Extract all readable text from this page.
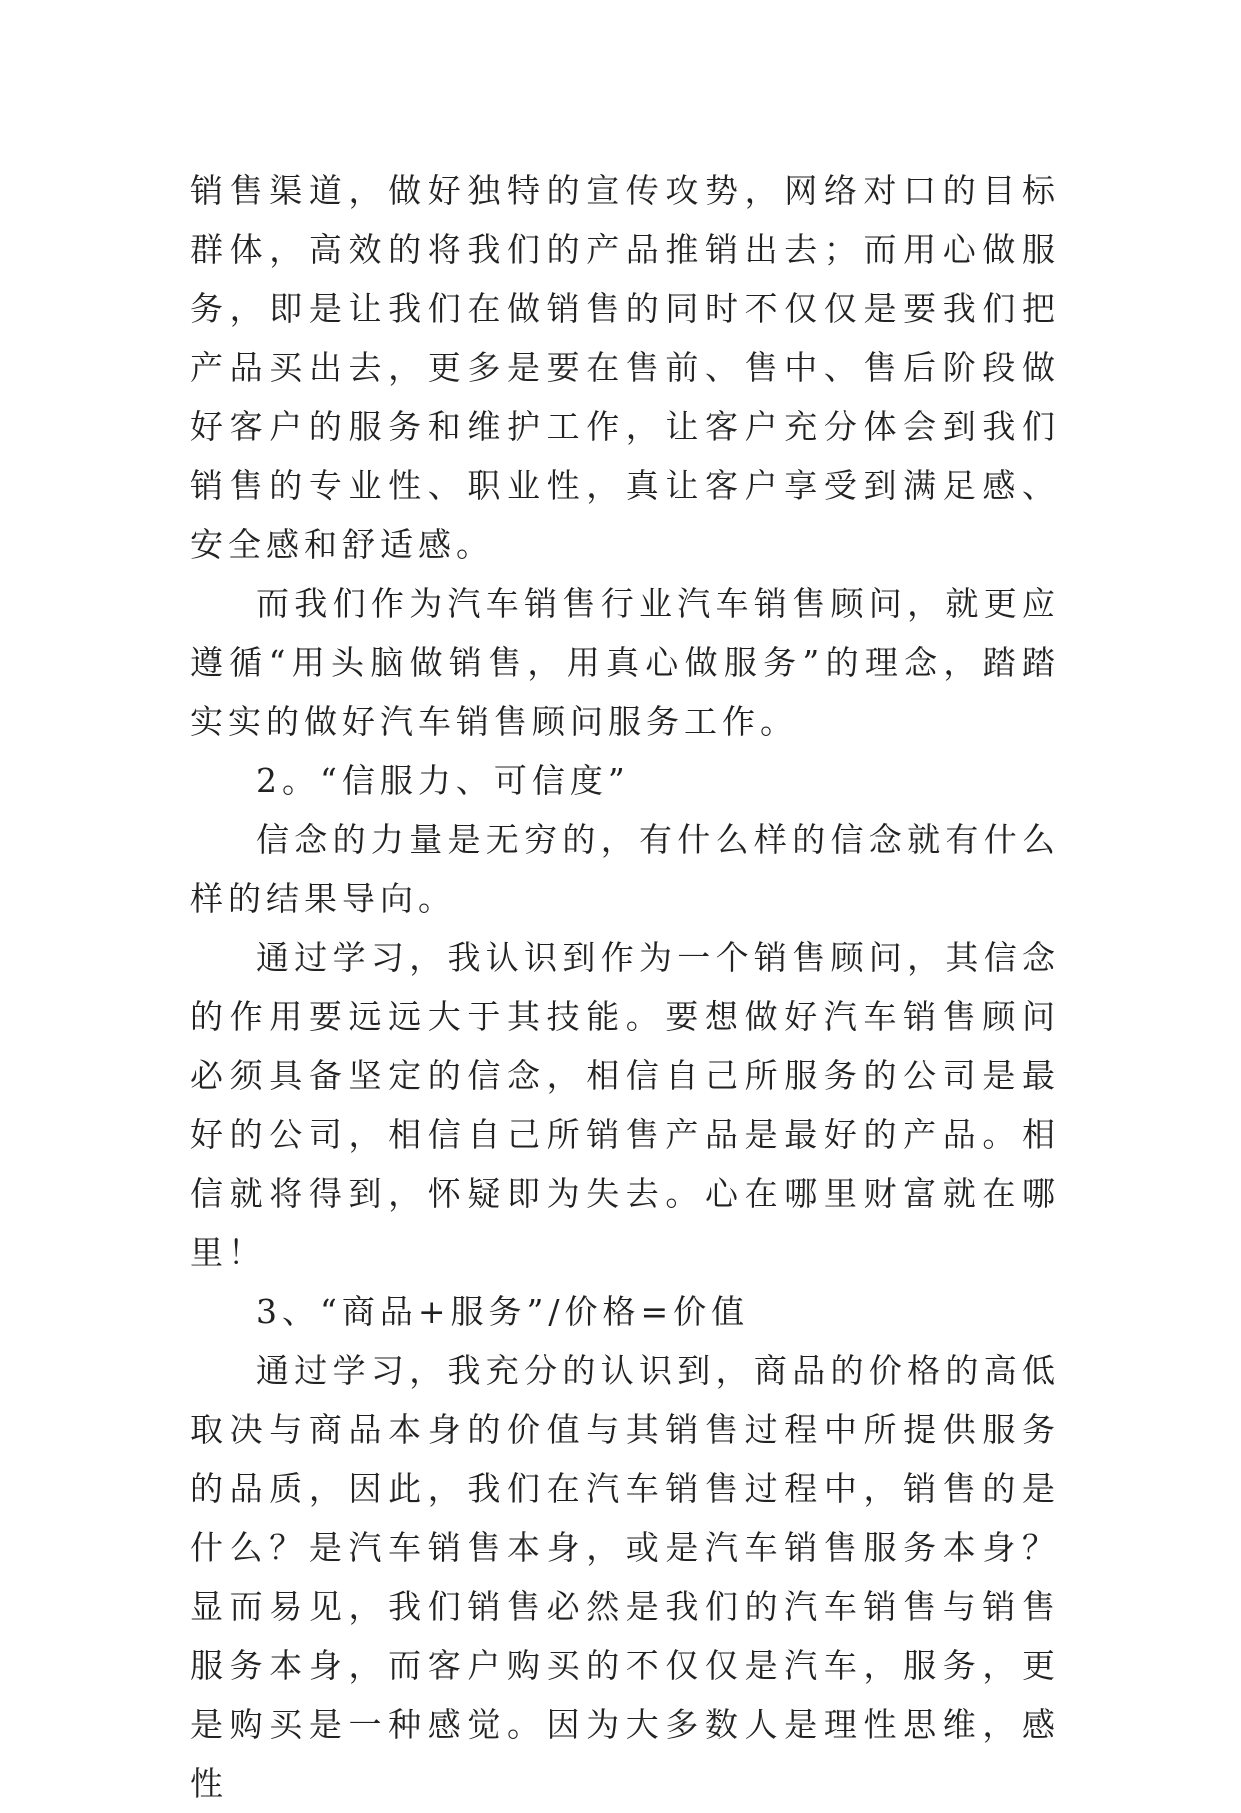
销售渠道，做好独特的宣传攻势，网络对口的目标群体，高效的将我们的产品推销出去；而用心做服务，即是让我们在做销售的同时不仅仅是要我们把产品买出去，更多是要在售前、售中、售后阶段做好客户的服务和维护工作，让客户充分体会到我们销售的专业性、职业性，真让客户享受到满足感、安全感和舒适感。

而我们作为汽车销售行业汽车销售顾问，就更应遵循“用头脑做销售，用真心做服务”的理念，踏踏实实的做好汽车销售顾问服务工作。

2。“信服力、可信度”

信念的力量是无穷的，有什么样的信念就有什么样的结果导向。

通过学习，我认识到作为一个销售顾问，其信念的作用要远远大于其技能。要想做好汽车销售顾问必须具备坚定的信念，相信自己所服务的公司是最好的公司，相信自己所销售产品是最好的产品。相信就将得到，怀疑即为失去。心在哪里财富就在哪里！

3、“商品+服务”/价格=价值

通过学习，我充分的认识到，商品的价格的高低取决与商品本身的价值与其销售过程中所提供服务的品质，因此，我们在汽车销售过程中，销售的是什么？是汽车销售本身，或是汽车销售服务本身？显而易见，我们销售必然是我们的汽车销售与销售服务本身，而客户购买的不仅仅是汽车，服务，更是购买是一种感觉。因为大多数人是理性思维，感性
